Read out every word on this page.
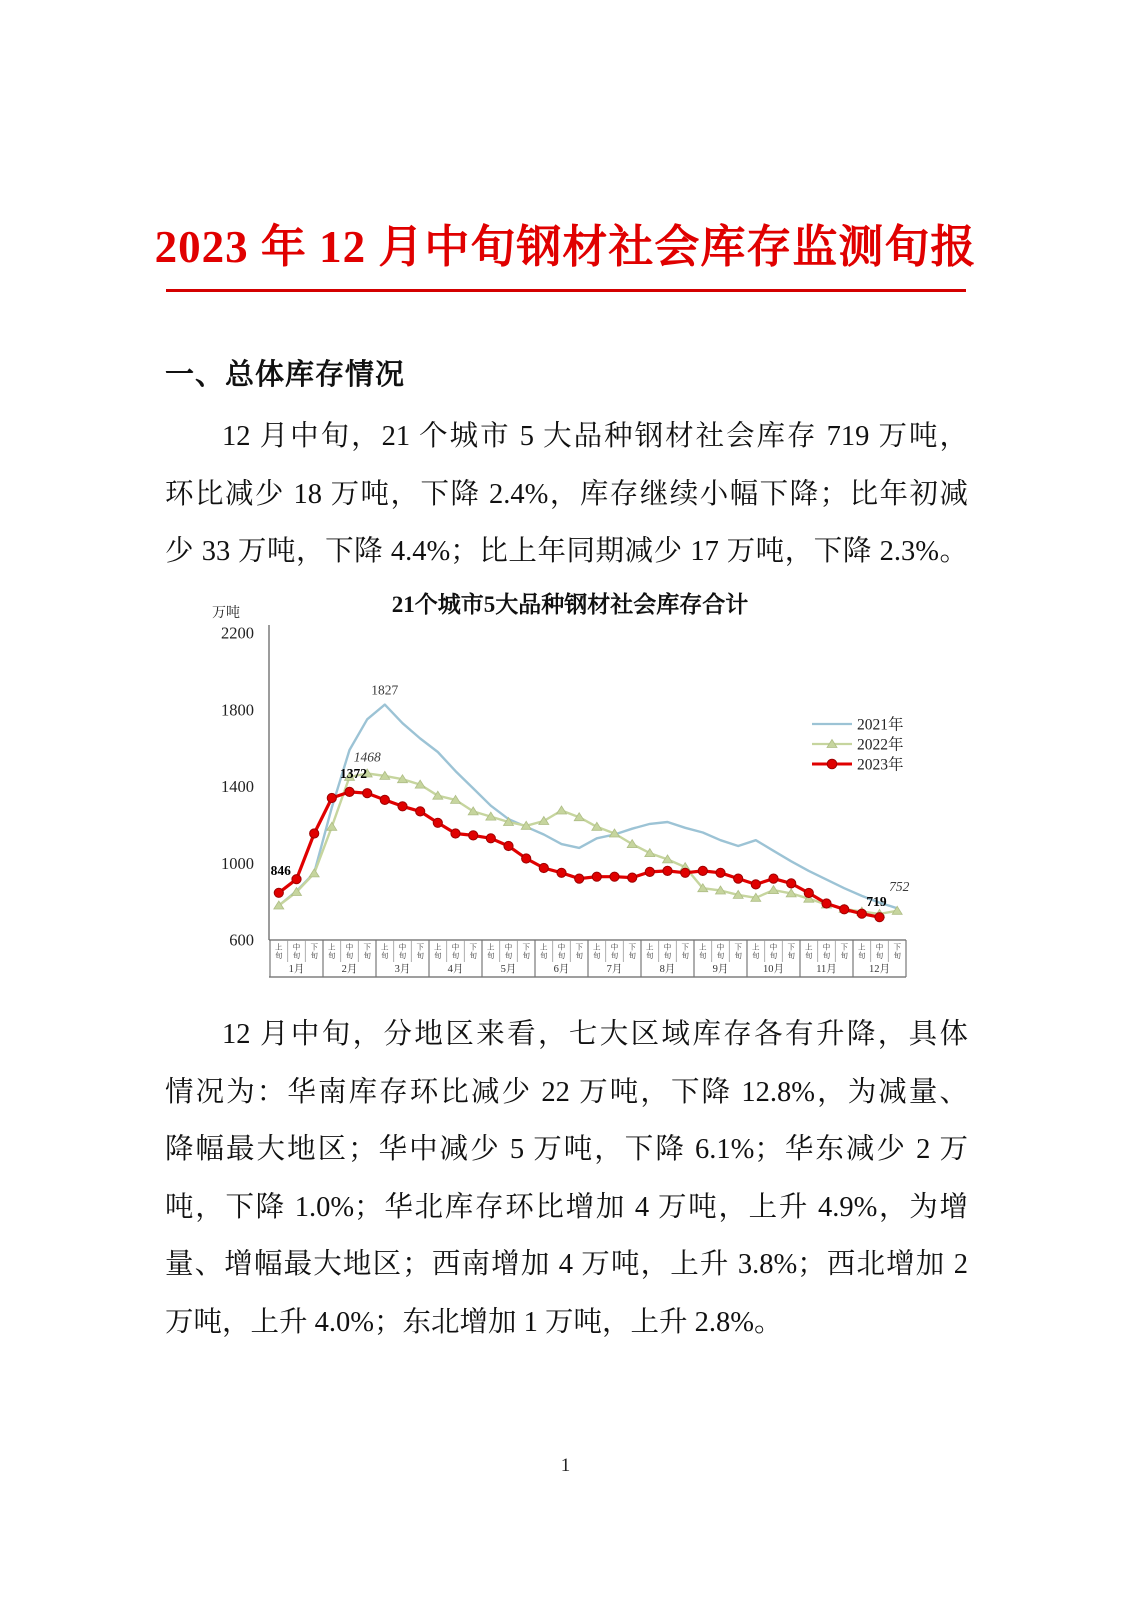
2023 年 12 月中旬钢材社会库存监测旬报
一、总体库存情况
12 月中旬，21 个城市 5 大品种钢材社会库存 719 万吨，
环比减少 18 万吨，下降 2.4%，库存继续小幅下降；比年初减
少 33 万吨，下降 4.4%；比上年同期减少 17 万吨，下降 2.3%。
21个城市5大品种钢材社会库存合计
万吨
2200
1800
1400
1000
600	上旬
中旬
下旬
上旬
中旬
下旬
上旬
中旬
下旬
上旬
中旬
下旬
上旬
中旬
下旬
上旬
中旬
下旬
上旬
中旬
下旬
上旬
中旬
下旬
上旬
中旬
下旬
上旬
中旬
下旬
上旬
中旬
下旬
上旬
中旬
下旬
1月	2月	3月	4月	5月	6月	7月	8月	9月	10月	11月	12月
2021年
2022年
2023年
846
1372
1468
1827
719
752
12 月中旬，分地区来看，七大区域库存各有升降，具体
情况为：华南库存环比减少 22 万吨，下降 12.8%，为减量、
降幅最大地区；华中减少 5 万吨，下降 6.1%；华东减少 2 万
吨，下降 1.0%；华北库存环比增加 4 万吨，上升 4.9%，为增
量、增幅最大地区；西南增加 4 万吨，上升 3.8%；西北增加 2
万吨，上升 4.0%；东北增加 1 万吨，上升 2.8%。
1
